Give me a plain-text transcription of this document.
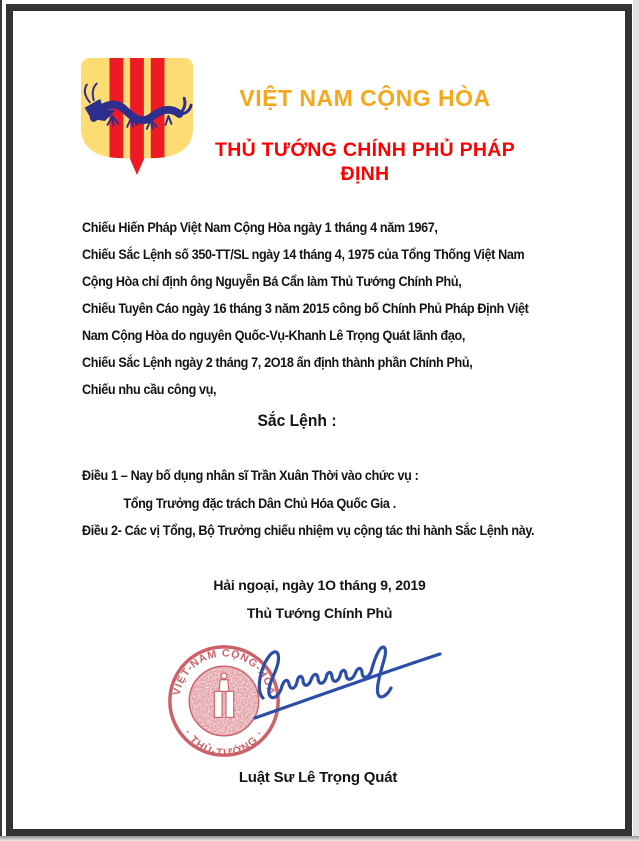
VIỆT NAM CỘNG HÒA
THỦ TƯỚNG CHÍNH PHỦ PHÁP ĐỊNH
Chiếu Hiến Pháp Việt Nam Cộng Hòa ngày 1 tháng 4 năm 1967,
Chiếu Sắc Lệnh số 350-TT/SL ngày 14 tháng 4, 1975 của Tổng Thống Việt Nam
Cộng Hòa chỉ định ông Nguyễn Bá Cẩn làm Thủ Tướng Chính Phủ,
Chiếu Tuyên Cáo ngày 16 tháng 3 năm 2015 công bố Chính Phủ Pháp Định Việt
Nam Cộng Hòa do nguyên Quốc-Vụ-Khanh Lê Trọng Quát lãnh đạo,
Chiếu Sắc Lệnh ngày 2 tháng 7, 2O18 ấn định thành phần Chính Phủ,
Chiếu nhu cầu công vụ,
Sắc Lệnh :
Điều 1 – Nay bố dụng nhân sĩ Trần Xuân Thời vào chức vụ :
Tổng Trưởng đặc trách Dân Chủ Hóa Quốc Gia .
Điều 2- Các vị Tổng, Bộ Trưởng chiếu nhiệm vụ cộng tác thi hành Sắc Lệnh này.
Hải ngoại, ngày 1O tháng 9, 2019
Thủ Tướng Chính Phủ
VIỆT-NAM CỘNG-HÒA
· THỦ-TƯỚNG ·
Luật Sư Lê Trọng Quát
